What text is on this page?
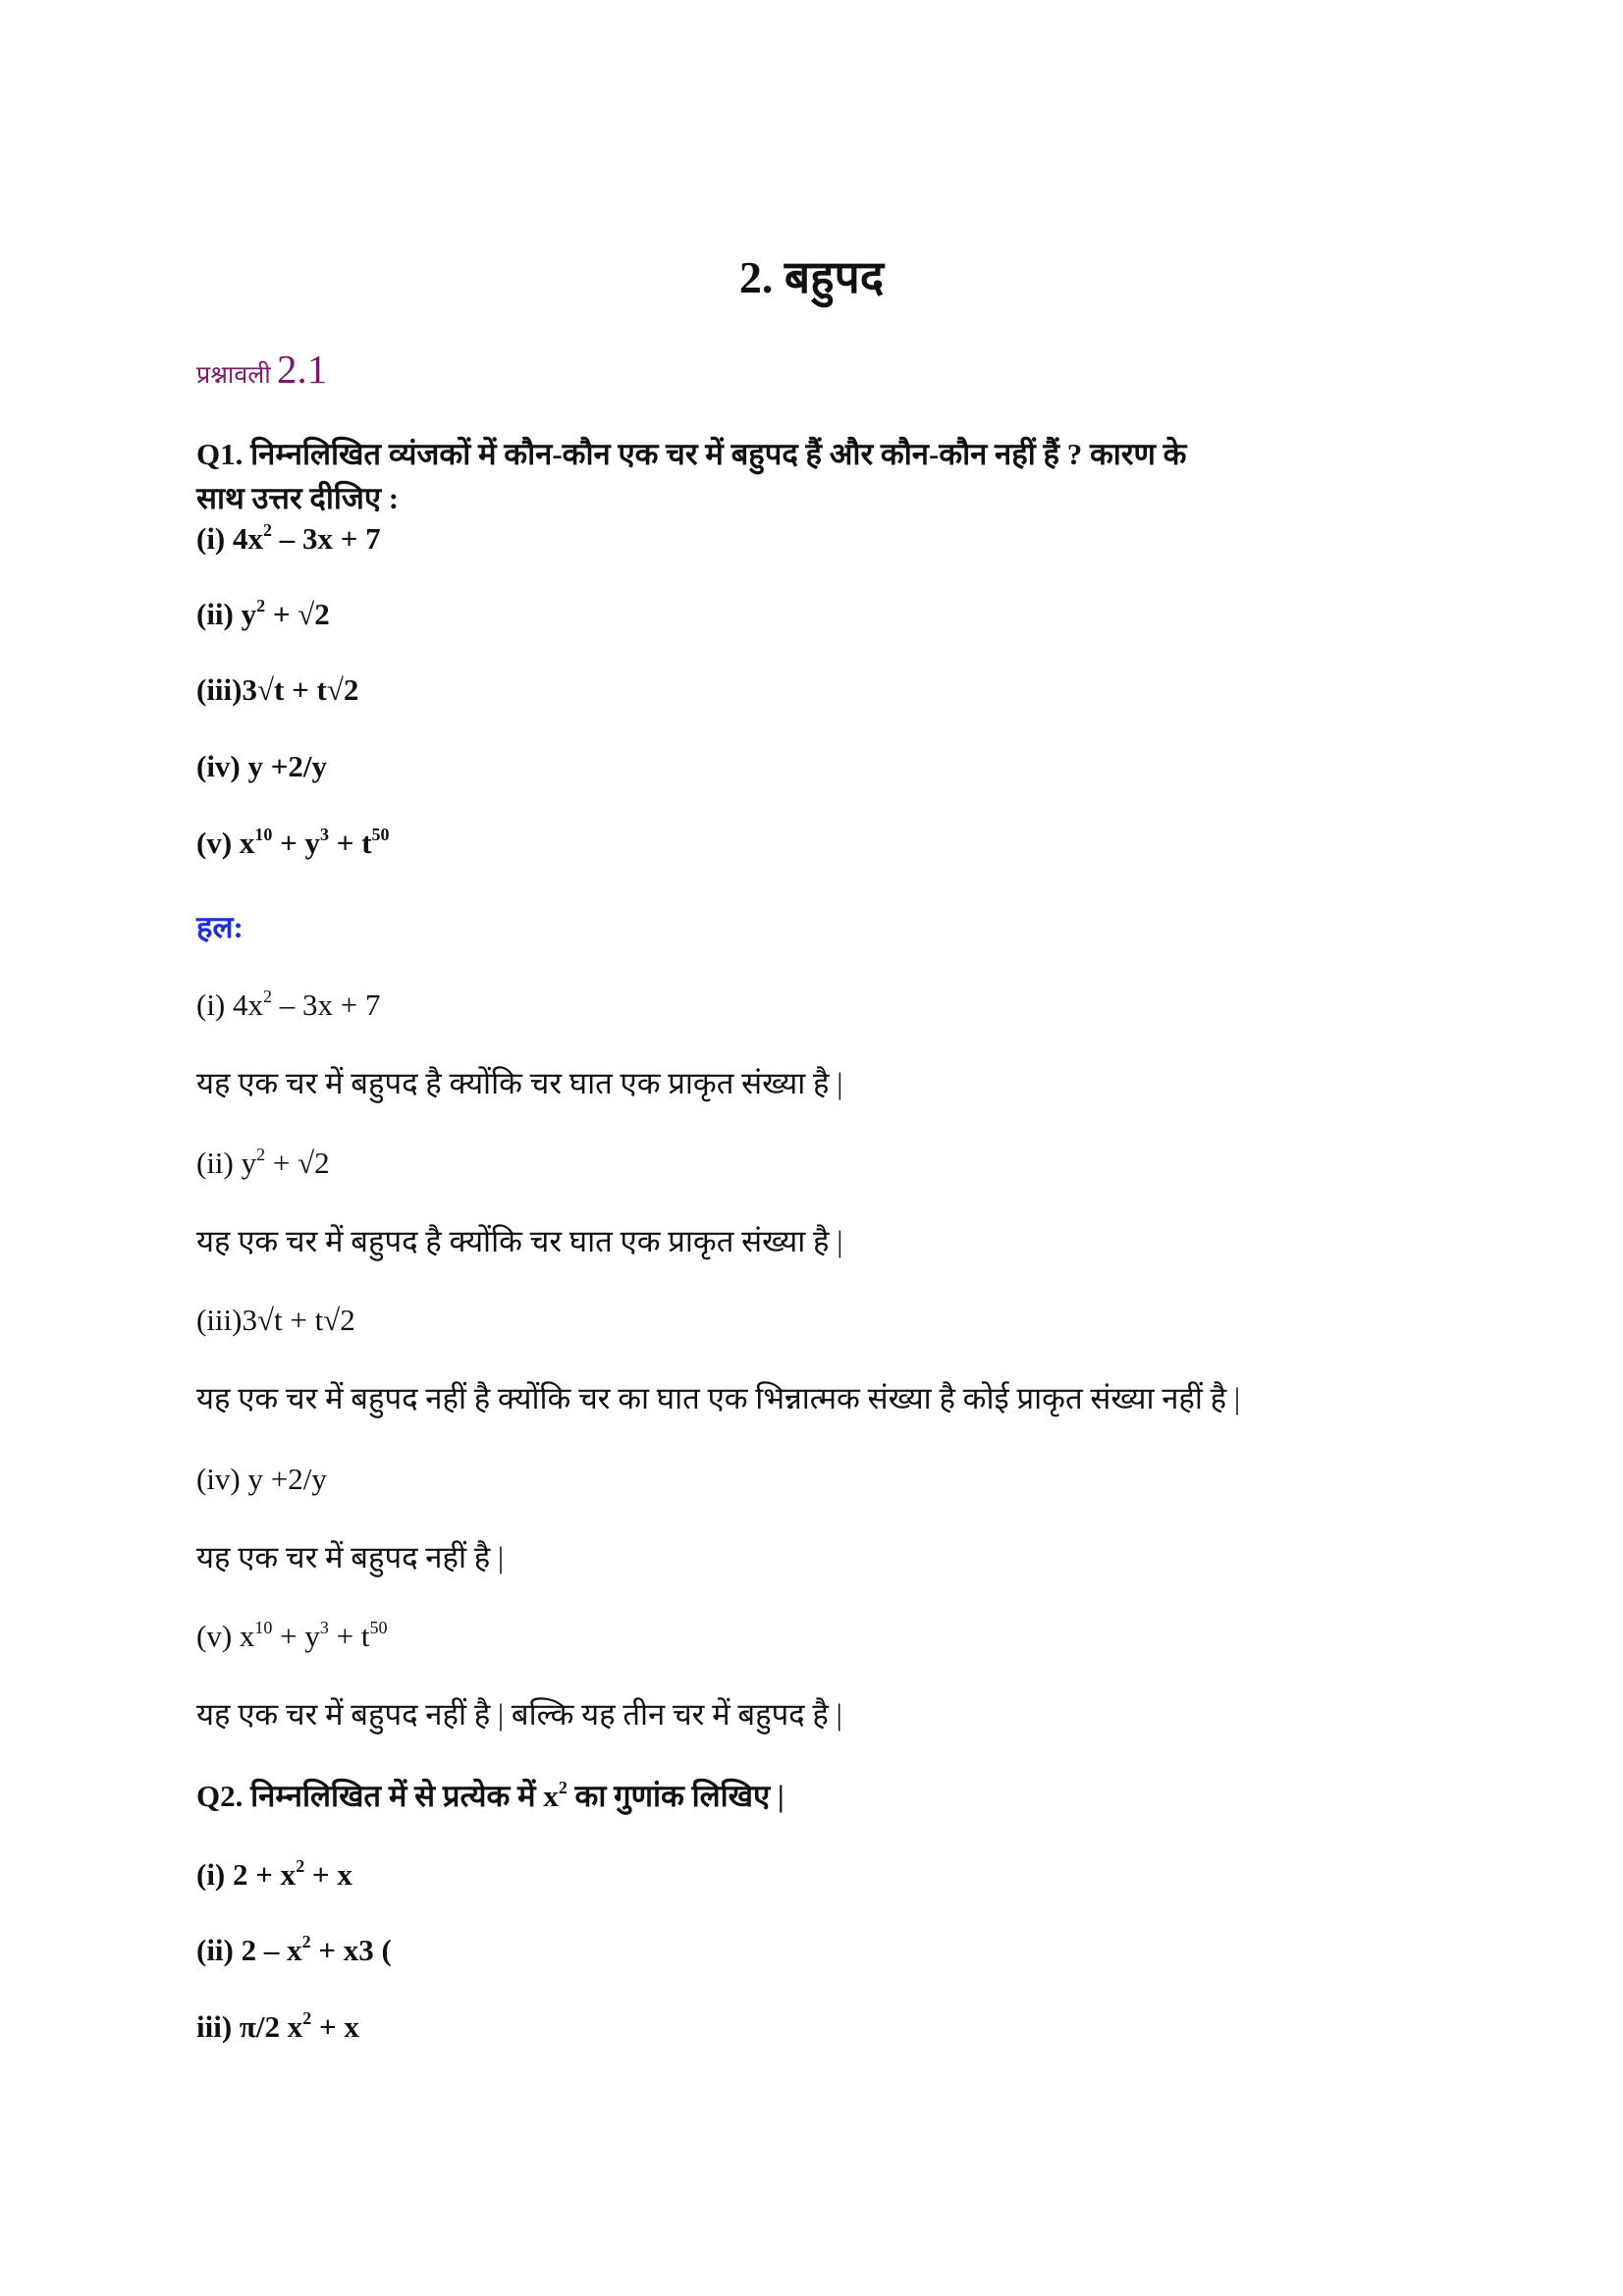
2. बहुपद
प्रश्नावली 2.1
Q1. निम्नलिखित व्यंजकों में कौन-कौन एक चर में बहुपद हैं और कौन-कौन नहीं हैं ? कारण के
साथ उत्तर दीजिए :
(i) $4x^2 - 3x + 7$
(ii) $y^2 + √2$
(iii)3√t + t√2
(iv) y +2/y
(v) $x^{10} + y^3 + t^{50}$
हल:
(i) $4x^2 - 3x + 7$
यह एक चर में बहुपद है क्योंकि चर घात एक प्राकृत संख्या है |
(ii) $y^2 + √2$
यह एक चर में बहुपद है क्योंकि चर घात एक प्राकृत संख्या है |
(iii)3√t + t√2
यह एक चर में बहुपद नहीं है क्योंकि चर का घात एक भिन्नात्मक संख्या है कोई प्राकृत संख्या नहीं है |
(iv) y +2/y
यह एक चर में बहुपद नहीं है |
(v) $x^{10} + y^3 + t^{50}$
यह एक चर में बहुपद नहीं है | बल्कि यह तीन चर में बहुपद है |
Q2. निम्नलिखित में से प्रत्येक में $x^2$ का गुणांक लिखिए |
(i) $2 + x^2 + x$
(ii) $2 - x^2 + x3$ (
iii) π/2 $x^2 + x$
